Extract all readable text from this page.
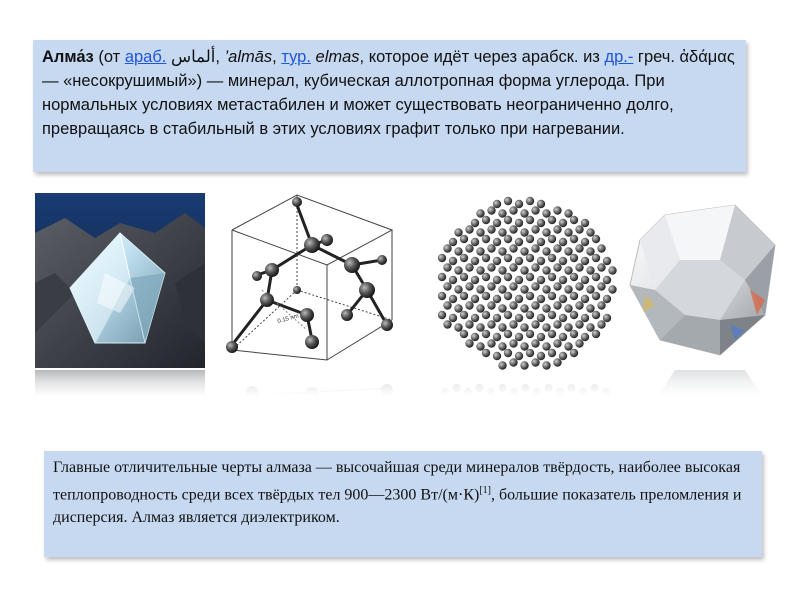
Алма́з (от араб. ألماس, ’almās, тур. elmas, которое идёт через арабск. из др.- греч. ἀδάμας — «несокрушимый») — минерал, кубическая аллотропная форма углерода. При нормальных условиях метастабилен и может существовать неограниченно долго, превращаясь в стабильный в этих условиях графит только при нагревании.
0.15 nm
Главные отличительные черты алмаза — высочайшая среди минералов твёрдость, наиболее высокая теплопроводность среди всех твёрдых тел 900—2300 Вт/(м·К)[1], большие показатель преломления и дисперсия. Алмаз является диэлектриком.
